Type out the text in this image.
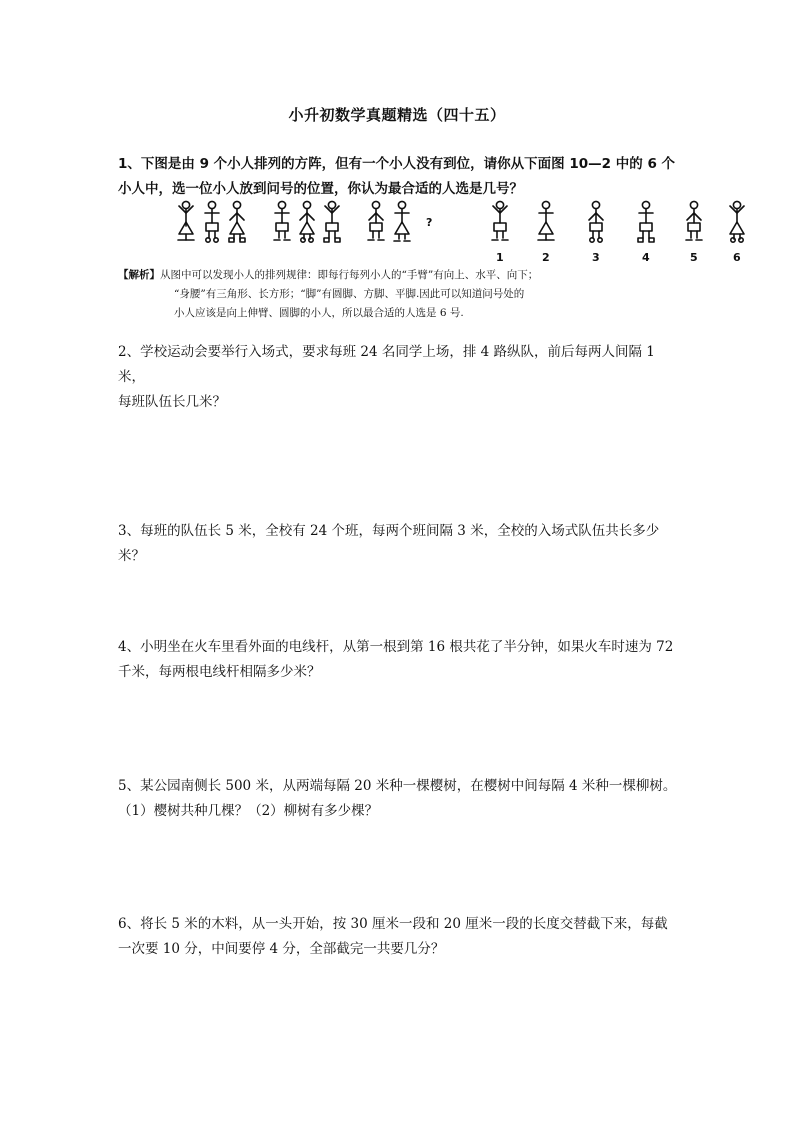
小升初数学真题精选（四十五）
1、下图是由 9 个小人排列的方阵，但有一个小人没有到位，请你从下面图 10—2 中的 6 个
小人中，选一位小人放到问号的位置，你认为最合适的人选是几号？
?
1	2	3	4	5	6
【解析】从图中可以发现小人的排列规律：即每行每列小人的“手臂”有向上、水平、向下；
“身腰”有三角形、长方形；“脚”有圆脚、方脚、平脚.因此可以知道问号处的
小人应该是向上伸臂、圆脚的小人，所以最合适的人选是 6 号.
2、学校运动会要举行入场式，要求每班 24 名同学上场，排 4 路纵队，前后每两人间隔 1 米，
每班队伍长几米？
3、每班的队伍长 5 米，全校有 24 个班，每两个班间隔 3 米，全校的入场式队伍共长多少米？
4、小明坐在火车里看外面的电线杆，从第一根到第 16 根共花了半分钟，如果火车时速为 72
千米，每两根电线杆相隔多少米？
5、某公园南侧长 500 米，从两端每隔 20 米种一棵樱树，在樱树中间每隔 4 米种一棵柳树。
（1）樱树共种几棵？（2）柳树有多少棵？
6、将长 5 米的木料，从一头开始，按 30 厘米一段和 20 厘米一段的长度交替截下来，每截
一次要 10 分，中间要停 4 分，全部截完一共要几分？
